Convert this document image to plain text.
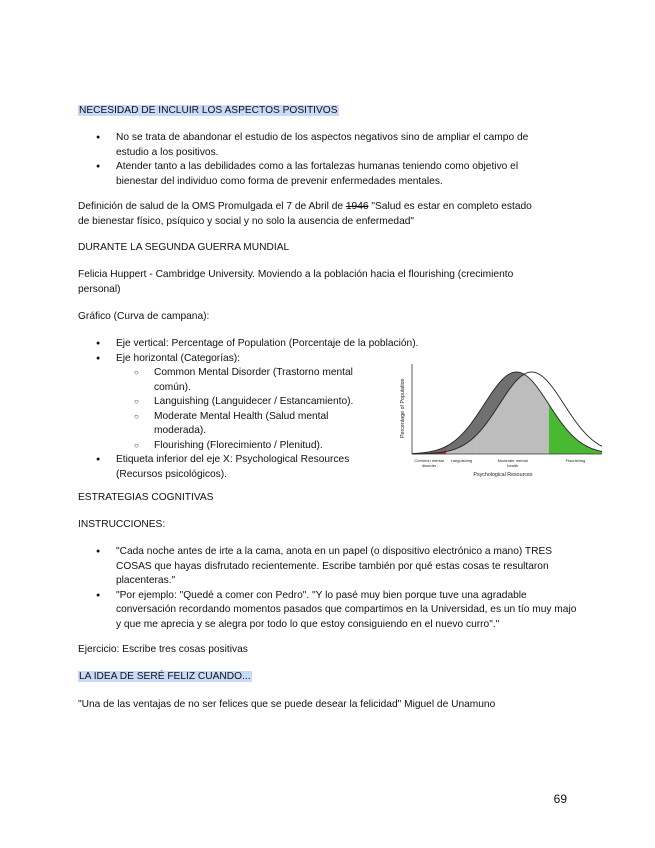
NECESIDAD DE INCLUIR LOS ASPECTOS POSITIVOS
● No se trata de abandonar el estudio de los aspectos negativos sino de ampliar el campo de estudio a los positivos.
● Atender tanto a las debilidades como a las fortalezas humanas teniendo como objetivo el bienestar del individuo como forma de prevenir enfermedades mentales.
Definición de salud de la OMS Promulgada el 7 de Abril de 1946 "Salud es estar en completo estado de bienestar físico, psíquico y social y no solo la ausencia de enfermedad"
DURANTE LA SEGUNDA GUERRA MUNDIAL
Felicia Huppert - Cambridge University. Moviendo a la población hacia el flourishing (crecimiento personal)
Gráfico (Curva de campana):
● Eje vertical: Percentage of Population (Porcentaje de la población).
● Eje horizontal (Categorías):
○ Common Mental Disorder (Trastorno mental común).
○ Languishing (Languidecer / Estancamiento).
○ Moderate Mental Health (Salud mental moderada).
○ Flourishing (Florecimiento / Plenitud).
● Etiqueta inferior del eje X: Psychological Resources (Recursos psicológicos).
Common mental
disorder
Languishing	Moderate mental
health
Flourishing
Percentage of Population
Psychological Resources
ESTRATEGIAS COGNITIVAS
INSTRUCCIONES:
● "Cada noche antes de irte a la cama, anota en un papel (o dispositivo electrónico a mano) TRES COSAS que hayas disfrutado recientemente. Escribe también por qué estas cosas te resultaron placenteras."
● "Por ejemplo: "Quedé a comer con Pedro". "Y lo pasé muy bien porque tuve una agradable conversación recordando momentos pasados que compartimos en la Universidad, es un tío muy majo y que me aprecia y se alegra por todo lo que estoy consiguiendo en el nuevo curro"."
Ejercicio: Escribe tres cosas positivas
LA IDEA DE SERÉ FELIZ CUANDO...
"Una de las ventajas de no ser felices que se puede desear la felicidad" Miguel de Unamuno
69
